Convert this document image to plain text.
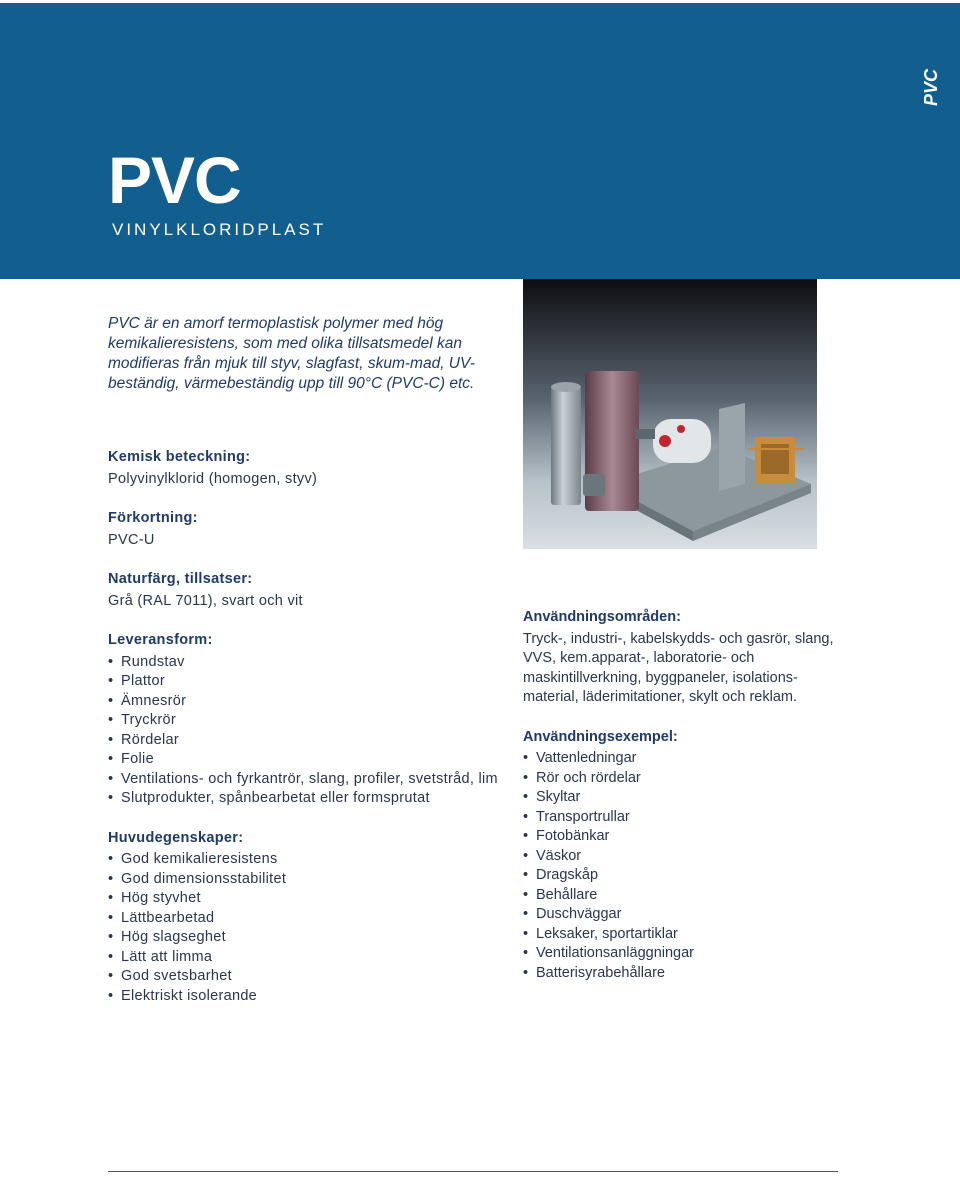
PVC
PVC
VINYLKLORIDPLAST
PVC är en amorf termoplastisk polymer med hög kemikalieresistens, som med olika tillsatsmedel kan modifieras från mjuk till styv, slagfast, skum-mad, UV-beständig, värmebeständig upp till 90°C (PVC-C) etc.
Kemisk beteckning:
Polyvinylklorid (homogen, styv)
Förkortning:
PVC-U
Naturfärg, tillsatser:
Grå (RAL 7011), svart och vit
Leveransform:
• Rundstav
• Plattor
• Ämnesrör
• Tryckrör
• Rördelar
• Folie
• Ventilations- och fyrkantrör, slang, profiler, svetstråd, lim
• Slutprodukter, spånbearbetat eller formsprutat
Huvudegenskaper:
• God kemikalieresistens
• God dimensionsstabilitet
• Hög styvhet
• Lättbearbetad
• Hög slagseghet
• Lätt att limma
• God svetsbarhet
• Elektriskt isolerande
Användningsområden:
Tryck-, industri-, kabelskydds- och gasrör, slang, VVS, kem.apparat-, laboratorie- och maskintillverkning, byggpaneler, isolations-material, läderimitationer, skylt och reklam.
Användningsexempel:
• Vattenledningar
• Rör och rördelar
• Skyltar
• Transportrullar
• Fotobänkar
• Väskor
• Dragskåp
• Behållare
• Duschväggar
• Leksaker, sportartiklar
• Ventilationsanläggningar
• Batterisyrabehållare
